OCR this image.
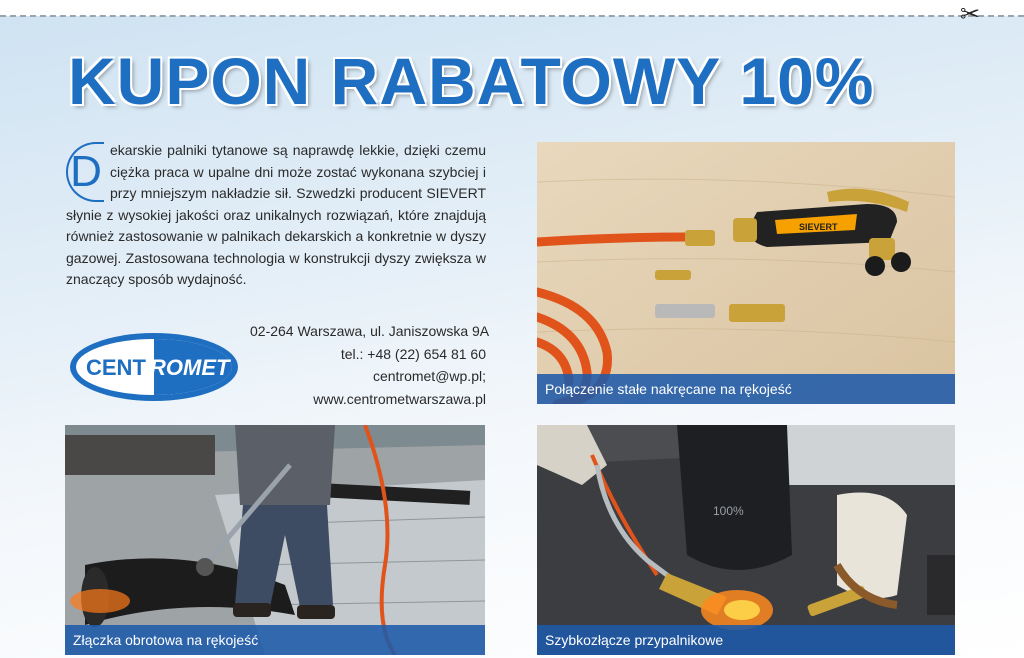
✂
KUPON RABATOWY 10%
D ekarskie palniki tytanowe są naprawdę lekkie, dzięki czemu ciężka praca w upalne dni może zostać wykonana szybciej i przy mniejszym nakładzie sił. Szwedzki producent SIEVERT słynie z wysokiej jakości oraz unikalnych rozwiązań, które znajdują również zastosowanie w palnikach dekarskich a konkretnie w dyszy gazowej. Zastosowana technologia w konstrukcji dyszy zwiększa w znaczący sposób wydajność.
CENT ROMET
02-264 Warszawa, ul. Janiszowska 9A
tel.: +48 (22) 654 81 60
centromet@wp.pl;
www.centrometwarszawa.pl
SIEVERT
Połączenie stałe nakręcane na rękojeść
Złączka obrotowa na rękojeść
100%
Szybkozłącze przypalnikowe
